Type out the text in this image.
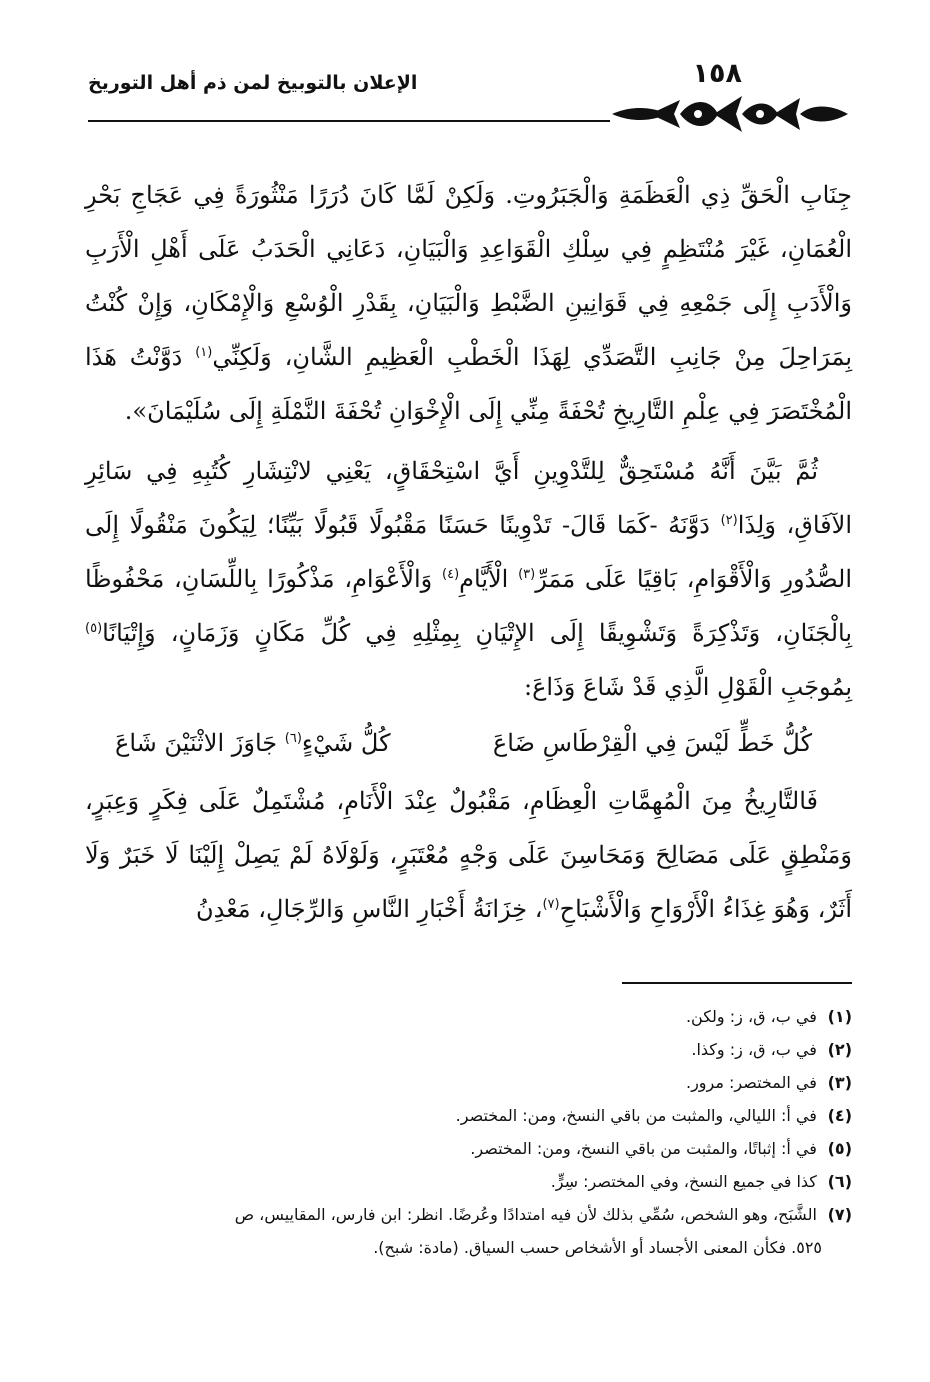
١٥٨
الإعلان بالتوبيخ لمن ذم أهل التوريخ

جِنَابِ الْحَقِّ ذِي الْعَظَمَةِ وَالْجَبَرُوتِ. وَلَكِنْ لَمَّا كَانَ دُرَرًا مَنْثُورَةً فِي عَجَاجِ بَحْرِ الْعُمَانِ، غَيْرَ مُنْتَظِمٍ فِي سِلْكِ الْقَوَاعِدِ وَالْبَيَانِ، دَعَانِي الْحَدَبُ عَلَى أَهْلِ الْأَرَبِ وَالْأَدَبِ إِلَى جَمْعِهِ فِي قَوَانِينِ الضَّبْطِ وَالْبَيَانِ، بِقَدْرِ الْوُسْعِ وَالْإِمْكَانِ، وَإِنْ كُنْتُ بِمَرَاحِلَ مِنْ جَانِبِ التَّصَدِّي لِهَذَا الْخَطْبِ الْعَظِيمِ الشَّانِ، وَلَكِنِّي$^{(١)}$ دَوَّنْتُ هَذَا الْمُخْتَصَرَ فِي عِلْمِ التَّارِيخِ تُحْفَةً مِنِّي إِلَى الْإِخْوَانِ تُحْفَةَ النَّمْلَةِ إِلَى سُلَيْمَانَ».

ثُمَّ بَيَّنَ أَنَّهُ مُسْتَحِقٌّ لِلتَّدْوِينِ أَيَّ اسْتِحْقَاقٍ، يَعْنِي لانْتِشَارِ كُتُبِهِ فِي سَائِرِ الآفَاقِ، وَلِذَا$^{(٢)}$ دَوَّنَهُ -كَمَا قَالَ- تَدْوِينًا حَسَنًا مَقْبُولًا قَبُولًا بَيِّنًا؛ لِيَكُونَ مَنْقُولًا إِلَى الصُّدُورِ وَالْأَقْوَامِ، بَاقِيًا عَلَى مَمَرِّ$^{(٣)}$ الْأَيَّامِ$^{(٤)}$ وَالْأَعْوَامِ، مَذْكُورًا بِاللِّسَانِ، مَحْفُوظًا بِالْجَنَانِ، وَتَذْكِرَةً وَتَشْوِيقًا إِلَى الإِتْيَانِ بِمِثْلِهِ فِي كُلِّ مَكَانٍ وَزَمَانٍ، وَإِتْيَانًا$^{(٥)}$ بِمُوجَبِ الْقَوْلِ الَّذِي قَدْ شَاعَ وَذَاعَ:

كُلُّ خَطٍّ لَيْسَ فِي الْقِرْطَاسِ ضَاعَ
كُلُّ شَيْءٍ$^{(٦)}$ جَاوَزَ الاثْنَيْنَ شَاعَ

فَالتَّارِيخُ مِنَ الْمُهِمَّاتِ الْعِظَامِ، مَقْبُولٌ عِنْدَ الْأَنَامِ، مُشْتَمِلٌ عَلَى فِكَرٍ وَعِبَرٍ، وَمَنْطِقٍ عَلَى مَصَالِحَ وَمَحَاسِنَ عَلَى وَجْهٍ مُعْتَبَرٍ، وَلَوْلَاهُ لَمْ يَصِلْ إِلَيْنَا لَا خَبَرٌ وَلَا أَثَرٌ، وَهُوَ غِذَاءُ الْأَرْوَاحِ وَالْأَشْبَاحِ$^{(٧)}$، خِزَانَةُ أَخْبَارِ النَّاسِ وَالرِّجَالِ، مَعْدِنُ

(١) في ب، ق، ز: ولكن.

(٢) في ب، ق، ز: وكذا.

(٣) في المختصر: مرور.

(٤) في أ: الليالي، والمثبت من باقي النسخ، ومن: المختصر.

(٥) في أ: إثباتًا، والمثبت من باقي النسخ، ومن: المختصر.

(٦) كذا في جميع النسخ، وفي المختصر: سِرٍّ.

(٧) الشَّبَح، وهو الشخص، سُمِّي بذلك لأن فيه امتدادًا وعُرضًا. انظر: ابن فارس، المقاييس، ص

٥٢٥. فكأن المعنى الأجساد أو الأشخاص حسب السياق. (مادة: شبح).
